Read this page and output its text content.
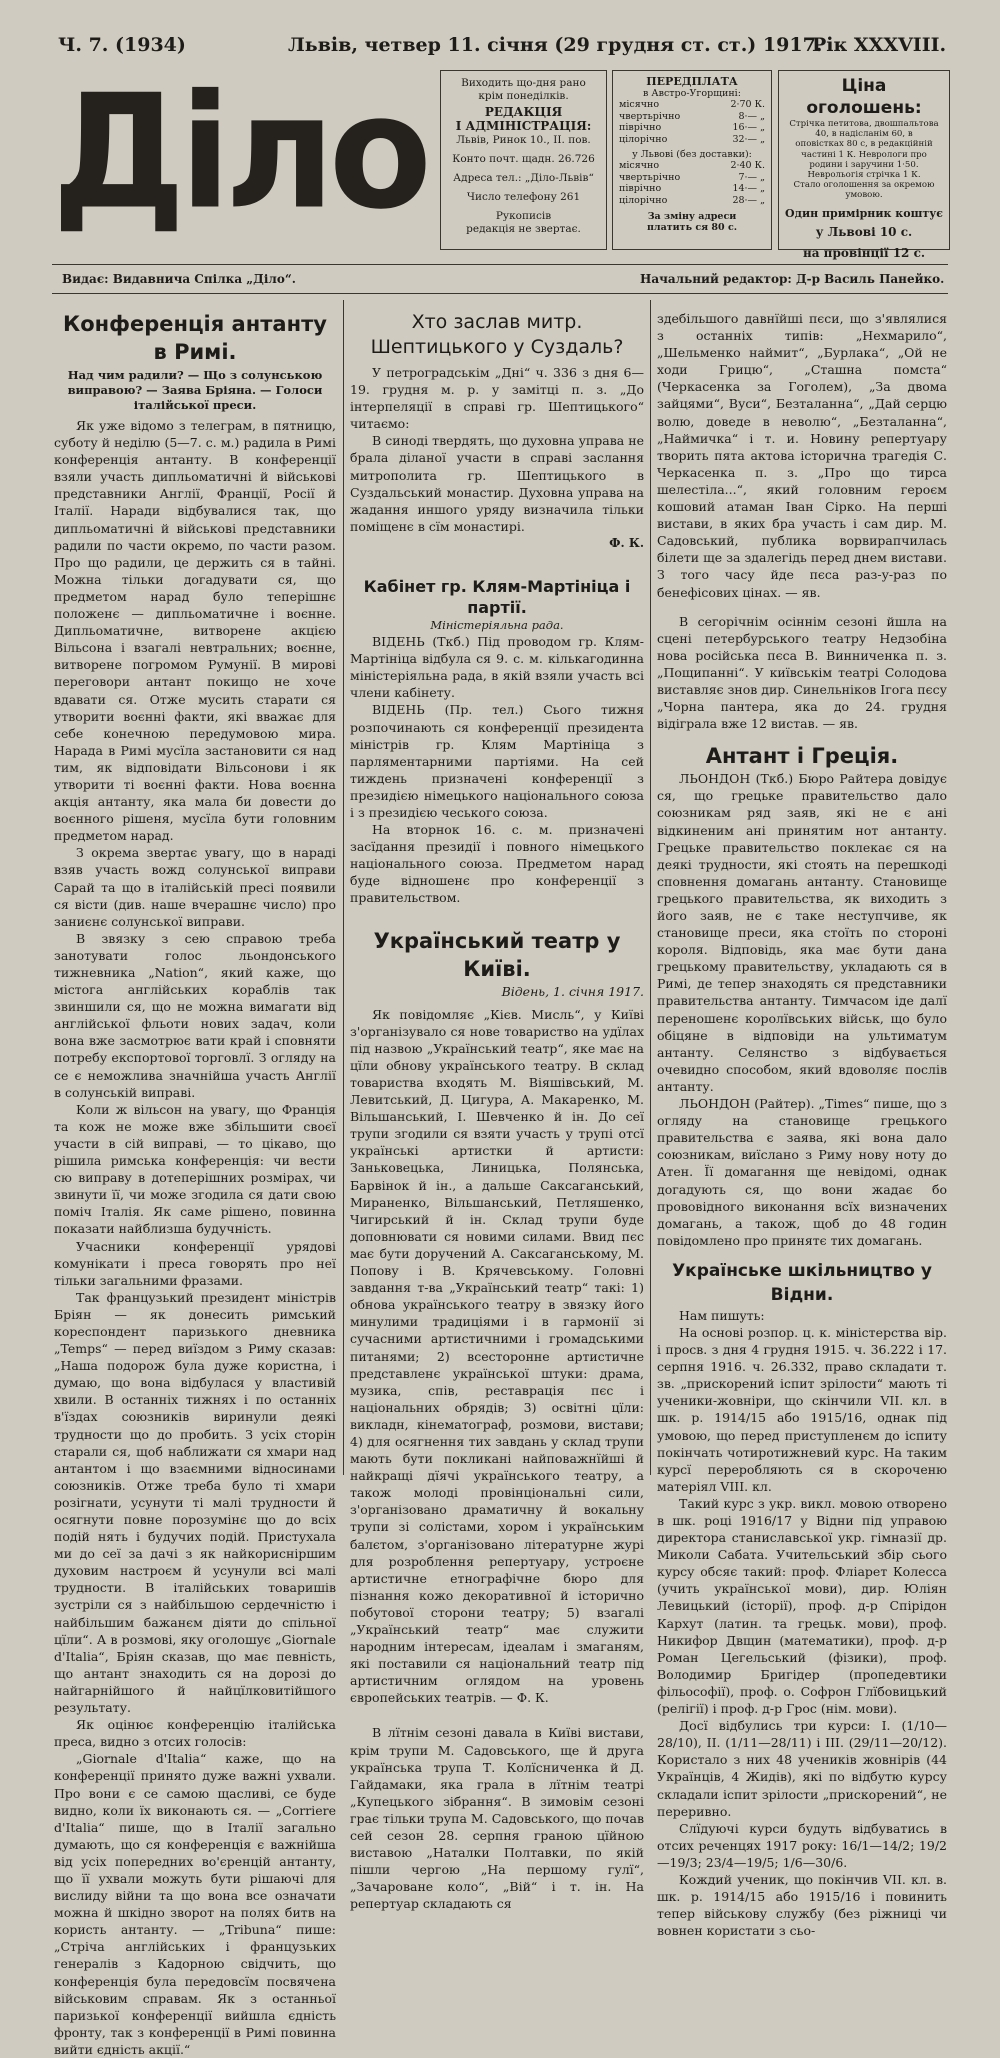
Ч. 7. (1934)	Львів, четвер 11. січня (29 грудня ст. ст.) 1917.
Рік XXXVIII.
Діло	Виходить що-дня рано
крім понеділків.
РЕДАКЦІЯ
І АДМІНІСТРАЦІЯ:
Львів, Ринок 10., II. пов.
Конто почт. щадн. 26.726
Адреса тел.: „Діло-Львів“
Число телефону 261
Рукописів
редакція не звертає.
ПЕРЕДПЛАТА
в Австро-Угорщині:
місячно	2·70 К.
чвертьрічно	8·— „
піврічно	16·— „
цілорічно	32·— „
у Львові (без доставки):
місячно	2·40 К.
чвертьрічно	7·— „
піврічно	14·— „
цілорічно	28·— „
За зміну адреси
платить ся 80 с.
Ціна оголошень:
Стрічка петитова, двошпальтова 40, в надісланім 60, в
оповістках 80 с, в редакційній частині 1 К. Неврологи про
родини і заручини 1·50.
Неврольогія стрічка 1 К.
Стало оголошення за окремою
умовою.
Один примірник коштує
у Львові 10 с.
на провінції 12 с.
Видає: Видавнича Спілка „Діло“.	Начальний редактор: Д-р Василь Панейко.
Конференція антанту в Римі.
Над чим радили? — Що з солунською виправою? — Заява Бріяна. — Голоси італійської преси.

Як уже відомо з телеграм, в пятницю, суботу й неділю (5—7. с. м.) радила в Римі конференція антанту. В конференції взяли участь дипльоматичні й військові представники Англії, Франції, Росії й Італії. Наради відбувалися так, що дипльоматичні й військові представники радили по части окремо, по части разом. Про що радили, це держить ся в тайні. Можна тільки догадувати ся, що предметом нарад було теперішнє положенє — дипльоматичне і воєнне. Дипльоматичне, витворене акцією Вільсона і взагалі невтральних; воєнне, витворене погромом Румунії. В мирові переговори антант покищо не хоче вдавати ся. Отже мусить старати ся утворити воєнні факти, які вважає для себе конечною передумовою мира. Нарада в Римі мусїла застановити ся над тим, як відповідати Вільсонови і як утворити ті воєнні факти. Нова воєнна акція антанту, яка мала би довести до воєнного рішеня, мусїла бути головним предметом нарад.

З окрема звертає увагу, що в нараді взяв участь вожд солунської виправи Сарай та що в італійській пресі появили ся вісти (див. наше вчерашнє число) про заниєнє солунської виправи.

В звязку з сею справою треба занотувати голос льондонського тижневника „Nation“, який каже, що містога англійських кораблів так звиншили ся, що не можна вимагати від англійської фльоти нових задач, коли вона вже засмотрює вати край і сповняти потребу експортової торговлї. З огляду на се є неможлива значнійша участь Англії в солунській виправі.

Коли ж вільсон на увагу, що Франція та кож не може вже збільшити своєї участи в сій виправі, — то цікаво, що рішила римська конференція: чи вести сю виправу в дотеперішних розмірах, чи звинути її, чи може згодила ся дати свою поміч Італія. Як саме рішено, повинна показати найблизша будучність.

Учасники конференції урядові комунікати і преса говорять про неї тільки загальними фразами.

Так французький президент міністрів Бріян — як донесить римський кореспондент паризького дневника „Temps“ — перед виїздом з Риму сказав: „Наша подорож була дуже користна, і думаю, що вона відбулася у властивій хвили. В останніх тижнях і по останніх в'їздах союзників виринули деякі трудности що до пробить. З усіх сторін старали ся, щоб наближати ся хмари над антантом і що взаємними відносинами союзників. Отже треба було ті хмари розігнати, усунути ті малі трудности й осягнути повне порозумінє що до всіх подій нять і будучих подій. Пристухала ми до сеї за дачі з як найкорисніршим духовим настроєм й усунули всі малі трудности. В італійських товаришів зустріли ся з найбільшою сердечністю і найбільшим бажанєм діяти до спільної цїли“. А в розмові, яку оголошує „Giornale d'Italia“, Бріян сказав, що має певність, що антант знаходить ся на дорозі до найгарнійшого й найцїлковитійшого результату.

Як оцінює конференцію італійська преса, видно з отсих голосів:

„Giornale d'Italia“ каже, що на конференції принято дуже важні ухвали. Про вони є се самою щасливі, се буде видно, коли їх виконають ся. — „Corriere d'Italia“ пише, що в Італії загально думають, що ся конференція є важнійша від усіх попередних во'єренцій антанту, що її ухвали можуть бути рішаючі для вислиду війни та що вона все означати можна й шкідно зворот на полях битв на користь антанту. — „Tribuna“ пише: „Стріча англійських і французьких генералів з Кадорною свідчить, що конференція була передовсїм посвячена військовим справам. Як з останньої паризької конференції вийшла єдність фронту, так з конференції в Римі повинна вийти єдність акції.“

Хто заслав митр. Шептицького у Суздаль?

У петроградськім „Дні“ ч. 336 з дня 6—19. грудня м. р. у замітці п. з. „До інтерпеляції в справі гр. Шептицького“ читаємо:

В синоді твердять, що духовна управа не брала діланої участи в справі заслання митрополита гр. Шептицького в Суздальський монастир. Духовна управа на жадання иншого уряду визначила тільки поміщенє в сїм монастирі.

Ф. К.
Кабінет гр. Клям-Мартініца і партії.
Міністеріяльна рада.

ВІДЕНЬ (Ткб.) Під проводом гр. Клям-Мартініца відбула ся 9. с. м. кількагодинна міністеріяльна рада, в якій взяли участь всі члени кабінету.

ВІДЕНЬ (Пр. тел.) Сього тижня розпочинають ся конференції президента міністрів гр. Клям Мартініца з парляментарними партіями. На сей тиждень призначені конференції з президією німецького національного союза і з президією чеського союза.

На вторнок 16. с. м. призначені засїдання президії і повного німецького національного союза. Предметом нарад буде відношенє про конференції з правительством.

Український театр у Київі.
Відень, 1. січня 1917.

Як повідомляє „Кієв. Мисль“, у Київі з'організувало ся нове товариство на удїлах під назвою „Український театр“, яке має на цїли обнову українського театру. В склад товариства входять М. Віяшівський, М. Левитський, Д. Цигура, А. Макаренко, М. Вільшанський, І. Шевченко й ін. До сеї трупи згодили ся взяти участь у трупі отсї українські артистки й артисти: Заньковецька, Линицька, Полянська, Барвінок й ін., а дальше Саксаганський, Мираненко, Вільшанський, Петляшенко, Чигирський й ін. Склад трупи буде доповнювати ся новими силами. Ввид пєс має бути доручений А. Саксаганському, М. Попову і В. Крячевському. Головні завдання т-ва „Український театр“ такі: 1) обнова українського театру в звязку його минулими традиціями і в гармонії зі сучасними артистичними і громадськими питанями; 2) всесторонне артистичне представленє української штуки: драма, музика, спів, реставрація пєс і національних обрядів; 3) освітні цїли: викладн, кінематограф, розмови, вистави; 4) для осягнення тих завдань у склад трупи мають бути покликані найповажнїйші й найкращі дїячі українського театру, а також молоді провінціональні сили, з'організовано драматичну й вокальну трупи зі солістами, хором і українським балєтом, з'організовано літературне журі для розроблення репертуару, устроєне артистичне етнографічне бюро для пізнання кожо декоративної й історично побутової сторони театру; 5) взагалі „Український театр“ має служити народним інтересам, ідеалам і змаганям, які поставили ся національний театр під артистичним оглядом на уровень європейських театрів. — Ф. К.

В лїтнім сезоні давала в Київі вистави, крім трупи М. Садовського, ще й друга українська трупа Т. Колїсниченка й Д. Гайдамаки, яка грала в лїтнім театрі „Купецького зібрання“. В зимовім сезоні грає тільки трупа М. Садовського, що почав сей сезон 28. серпня граною цїйною виставою „Наталки Полтавки, по якій пішли чергою „На першому гулї“, „Зачароване коло“, „Вій“ і т. ін. На репертуар складають ся

здебільшого давнїйші пєси, що з'являлися з останніх типів: „Нехмарило“, „Шельменко наймит“, „Бурлака“, „Ой не ходи Грицю“, „Сташна помста“ (Черкасенка за Гоголем), „За двома зайцями“, Вуси“, Безталанна“, „Дай серцю волю, доведе в неволю“, „Безталанна“, „Наймичка“ і т. и. Новину репертуару творить пята актова історична трагедія С. Черкасенка п. з. „Про що тирса шелестіла...“, який головним героєм кошовий атаман Іван Сірко. На перші вистави, в яких бра участь і сам дир. М. Садовський, публика ворвирапчилась білети ще за здалегідь перед днем вистави. З того часу йде пєса раз-у-раз по бенефісових цінах. — яв.

В сегорічнім осіннім сезоні йшла на сцені петербурського театру Недзобіна нова російська пєса В. Винниченка п. з. „Пощипанні“. У київськім театрі Солодова виставляє знов дир. Синельніков Ігога пєсу „Чорна пантера, яка до 24. грудня відіграла вже 12 вистав. — яв.

Антант і Греція.

ЛЬОНДОН (Ткб.) Бюро Райтера довідує ся, що грецьке правительство дало союзникам ряд заяв, які не є ані відкиненим ані принятим нот антанту. Грецьке правительство поклекає ся на деякі трудности, які стоять на перешкоді сповнення домагань антанту. Становище грецького правительства, як виходить з його заяв, не є таке неступчиве, як становище преси, яка стоїть по стороні короля. Відповідь, яка має бути дана грецькому правительству, укладають ся в Римі, де тепер знаходять ся представники правительства антанту. Тимчасом іде далї переношенє королївських військ, що було обіцяне в відповіди на ультиматум антанту. Селянство з відбувається очевидно способом, який вдоволяє послів антанту.

ЛЬОНДОН (Райтер). „Times“ пише, що з огляду на становище грецького правительства є заява, які вона дало союзникам, виїслано з Риму нову ноту до Атен. Її домагання ще невідомі, однак догадують ся, що вони жадає бо прововідного виконання всїх визначених домагань, а також, щоб до 48 годин повідомлено про принятє тих домагань.

Українське шкільництво у Відни.

Нам пишуть:

На основі розпор. ц. к. міністерства вір. і просв. з дня 4 грудня 1915. ч. 36.222 і 17. серпня 1916. ч. 26.332, право складати т. зв. „прискорений іспит зрілости“ мають ті ученики-жовніри, що скінчили VII. кл. в шк. р. 1914/15 або 1915/16, однак під умовою, що перед приступленєм до іспиту покінчать чотиротижневий курс. На таким курсї переробляють ся в скороченю матеріял VIII. кл.

Такий курс з укр. викл. мовою отворено в шк. році 1916/17 у Відни під управою директора станиславської укр. гімназії др. Миколи Сабата. Учительський збір сього курсу обсяє такий: проф. Фліарет Колесса (учить української мови), дир. Юліян Левицький (історії), проф. д-р Спірідон Кархут (латин. та грецьк. мови), проф. Никифор Двщин (математики), проф. д-р Роман Цегельський (фізики), проф. Володимир Бригідер (пропедевтики фільософії), проф. о. Софрон Глїбовицький (релігії) і проф. д-р Грос (нім. мови).

Досї відбулись три курси: І. (1/10—28/10), ІІ. (1/11—28/11) і ІІІ. (29/11—20/12). Користало з них 48 учеників жовнірів (44 Українців, 4 Жидів), які по відбутю курсу складали іспит зрілости „прискорений“, не переривно.

Слїдуючі курси будуть відбуватись в отсих реченцях 1917 року: 16/1—14/2; 19/2—19/3; 23/4—19/5; 1/6—30/6.

Кождий ученик, що покінчив VII. кл. в. шк. р. 1914/15 або 1915/16 і повинить тепер військову службу (без ріжниці чи вовнен користати з сьо-
